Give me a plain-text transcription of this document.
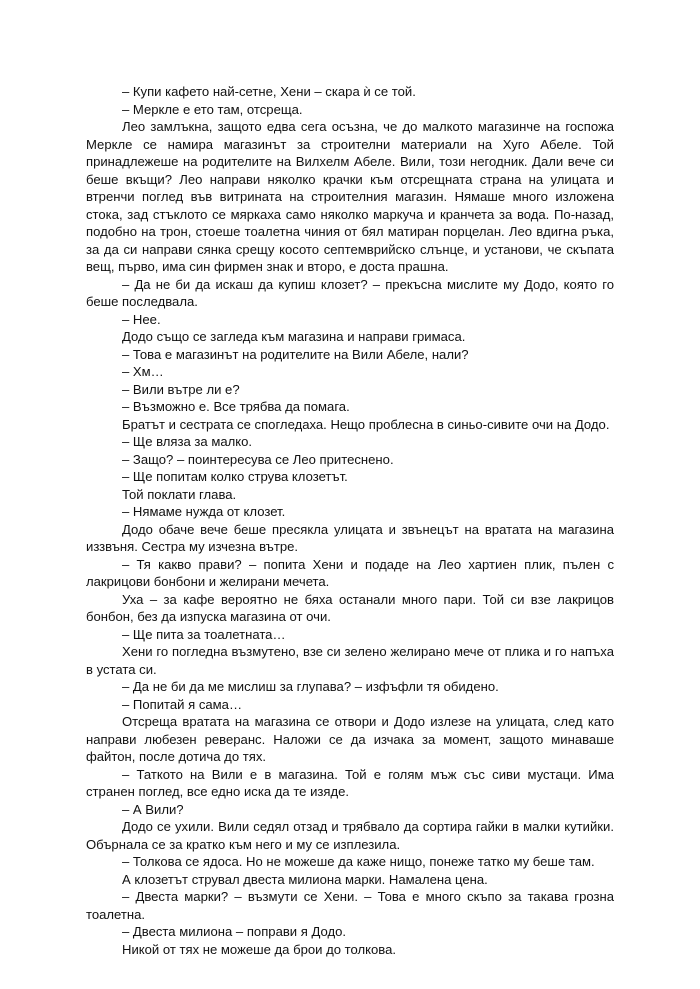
– Купи кафето най-сетне, Хени – скара ѝ се той.

– Меркле е ето там, отсреща.

Лео замлъкна, защото едва сега осъзна, че до малкото магазинче на госпожа Меркле се намира магазинът за строителни материали на Хуго Абеле. Той принадлежеше на родителите на Вилхелм Абеле. Вили, този негодник. Дали вече си беше вкъщи? Лео направи няколко крачки към отсрещната страна на улицата и втренчи поглед във витрината на строителния магазин. Нямаше много изложена стока, зад стъклото се мяркаха само няколко маркуча и кранчета за вода. По-назад, подобно на трон, стоеше тоалетна чиния от бял матиран порцелан. Лео вдигна ръка, за да си направи сянка срещу косото септемврийско слънце, и установи, че скъпата вещ, първо, има син фирмен знак и второ, е доста прашна.

– Да не би да искаш да купиш клозет? – прекъсна мислите му Додо, която го беше последвала.

– Нее.

Додо също се загледа към магазина и направи гримаса.

– Това е магазинът на родителите на Вили Абеле, нали?

– Хм…

– Вили вътре ли е?

– Възможно е. Все трябва да помага.

Братът и сестрата се спогледаха. Нещо проблесна в синьо-сивите очи на Додо.

– Ще вляза за малко.

– Защо? – поинтересува се Лео притеснено.

– Ще попитам колко струва клозетът.

Той поклати глава.

– Нямаме нужда от клозет.

Додо обаче вече беше пресякла улицата и звънецът на вратата на магазина иззвъня. Сестра му изчезна вътре.

– Тя какво прави? – попита Хени и подаде на Лео хартиен плик, пълен с лакрицови бонбони и желирани мечета.

Уха – за кафе вероятно не бяха останали много пари. Той си взе лакрицов бонбон, без да изпуска магазина от очи.

– Ще пита за тоалетната…

Хени го погледна възмутено, взе си зелено желирано мече от плика и го напъха в устата си.

– Да не би да ме мислиш за глупава? – изфъфли тя обидено.

– Попитай я сама…

Отсреща вратата на магазина се отвори и Додо излезе на улицата, след като направи любезен реверанс. Наложи се да изчака за момент, защото минаваше файтон, после дотича до тях.

– Таткото на Вили е в магазина. Той е голям мъж със сиви мустаци. Има странен поглед, все едно иска да те изяде.

– А Вили?

Додо се ухили. Вили седял отзад и трябвало да сортира гайки в малки кутийки. Обърнала се за кратко към него и му се изплезила.

– Толкова се ядоса. Но не можеше да каже нищо, понеже татко му беше там.

А клозетът струвал двеста милиона марки. Намалена цена.

– Двеста марки? – възмути се Хени. – Това е много скъпо за такава грозна тоалетна.

– Двеста милиона – поправи я Додо.

Никой от тях не можеше да брои до толкова.
